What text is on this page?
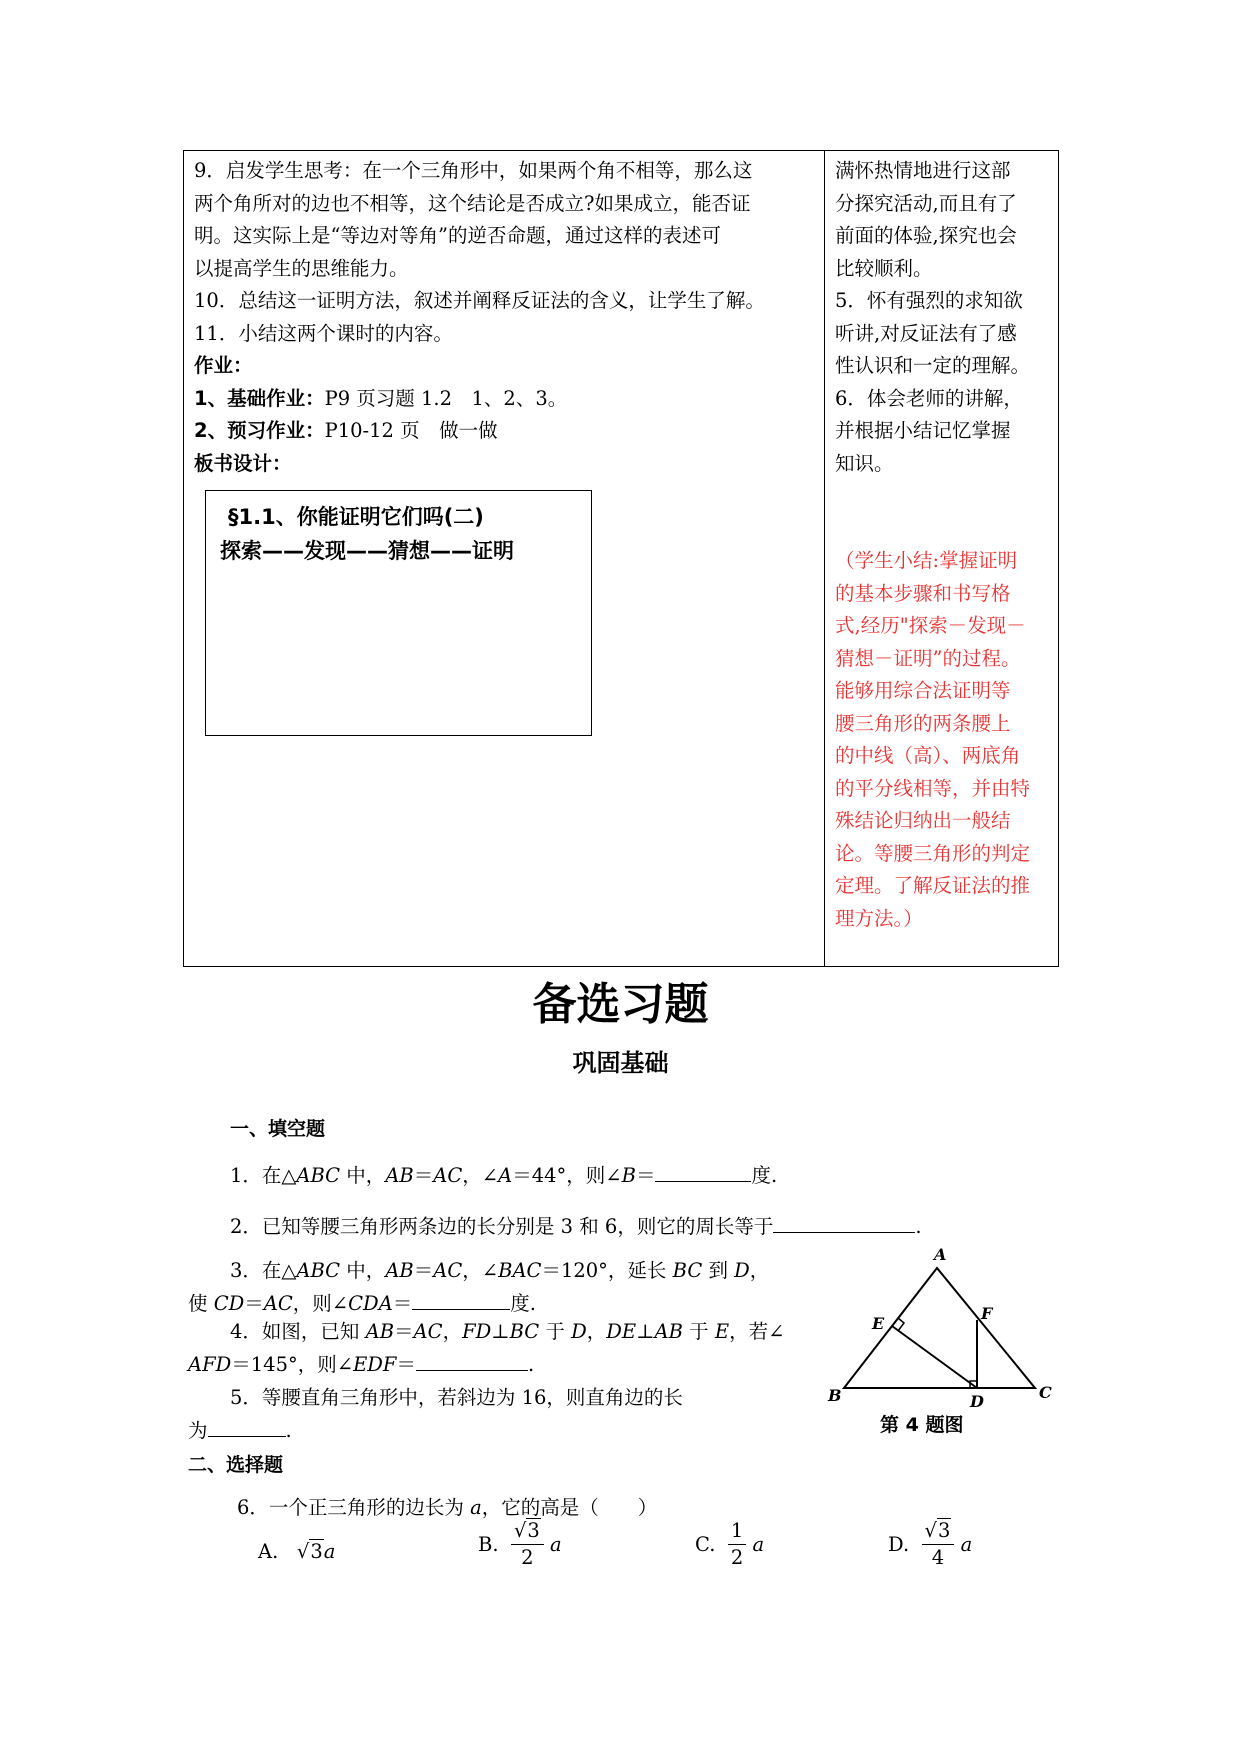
9．启发学生思考：在一个三角形中，如果两个角不相等，那么这

两个角所对的边也不相等，这个结论是否成立?如果成立，能否证

明。这实际上是“等边对等角”的逆否命题，通过这样的表述可

以提高学生的思维能力。

10．总结这一证明方法，叙述并阐释反证法的含义，让学生了解。

11．小结这两个课时的内容。

作业：

1、基础作业：P9 页习题 1.2　1、2、3。

2、预习作业：P10-12 页　做一做

板书设计：

满怀热情地进行这部

分探究活动,而且有了

前面的体验,探究也会

比较顺利。

5．怀有强烈的求知欲

听讲,对反证法有了感

性认识和一定的理解。

6．体会老师的讲解，

并根据小结记忆掌握

知识。

（学生小结:掌握证明

的基本步骤和书写格

式,经历"探索－发现－

猜想－证明”的过程。

能够用综合法证明等

腰三角形的两条腰上

的中线（高）、两底角

的平分线相等，并由特

殊结论归纳出一般结

论。等腰三角形的判定

定理。了解反证法的推

理方法。）

§1.1、你能证明它们吗(二)
探索——发现——猜想——证明
备选习题
巩固基础
一、填空题
1．在△ABC 中，AB＝AC，∠A＝44°，则∠B＝	度.
2．已知等腰三角形两条边的长分别是 3 和 6，则它的周长等于	.
3．在△ABC 中，AB＝AC，∠BAC＝120°，延长 BC 到 D，
使 CD＝AC，则∠CDA＝	度.
4．如图，已知 AB＝AC，FD⊥BC 于 D，DE⊥AB 于 E，若∠
AFD＝145°，则∠EDF＝	.
5．等腰直角三角形中，若斜边为 16，则直角边的长
为	.
A
B	C
D
E
F
第 4 题图
二、选择题
6．一个正三角形的边长为 a，它的高是（　　）
A. √3a	B. $\frac{√3}{2}$ a	C. $\frac{1}{2}$ a	D. $\frac{√3}{4}$ a
